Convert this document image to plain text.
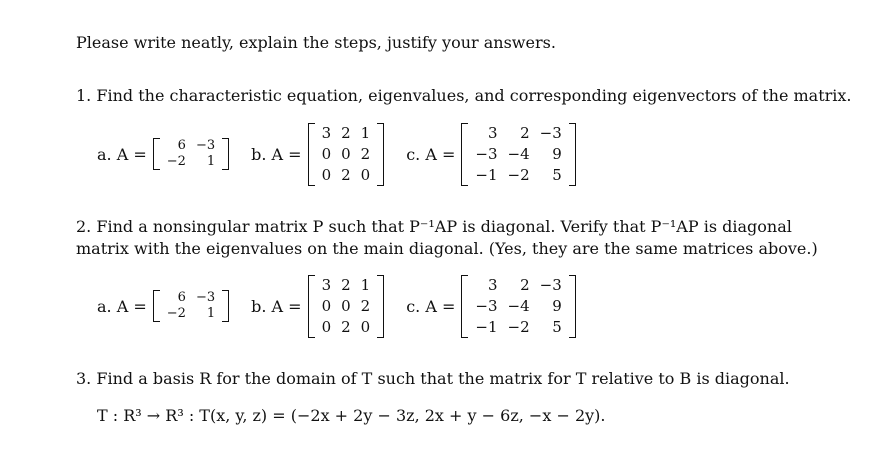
Please write neatly, explain the steps, justify your answers.
1. Find the characteristic equation, eigenvalues, and corresponding eigenvectors of the matrix.
a. A = 6	−3
−2	1 b. A =
3	2	1
0	0	2
0	2	0
c. A =
3	2	−3
−3	−4	9
−1	−2	5
2. Find a nonsingular matrix P such that P⁻¹AP is diagonal. Verify that P⁻¹AP is diagonal
matrix with the eigenvalues on the main diagonal. (Yes, they are the same matrices above.)
a. A = 6	−3
−2	1 b. A =
3	2	1
0	0	2
0	2	0
c. A =
3	2	−3
−3	−4	9
−1	−2	5
3. Find a basis R for the domain of T such that the matrix for T relative to B is diagonal.
T : R³ → R³ : T(x, y, z) = (−2x + 2y − 3z, 2x + y − 6z, −x − 2y).
